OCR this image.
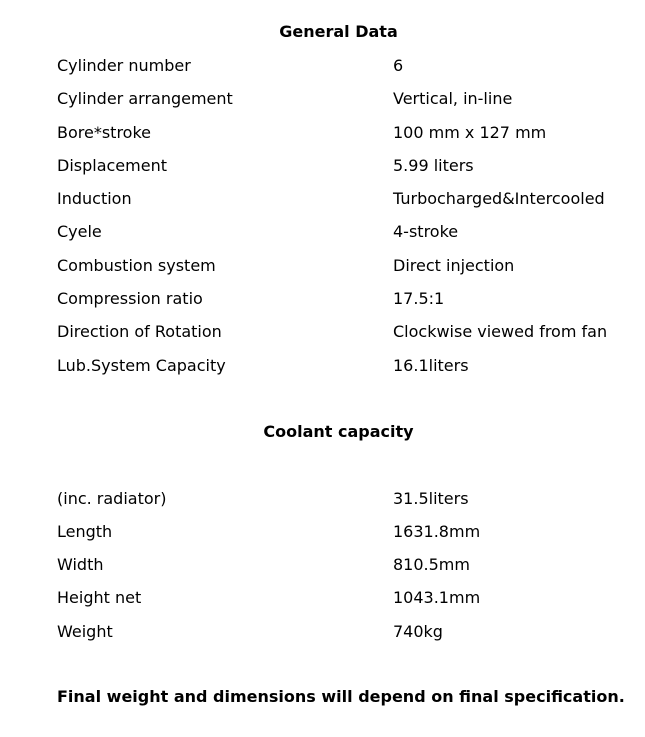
General Data
Cylinder number	6
Cylinder arrangement	Vertical, in-line
Bore*stroke	100 mm x 127 mm
Displacement	5.99 liters
Induction	Turbocharged&Intercooled
Cyele	4-stroke
Combustion system	Direct injection
Compression ratio	17.5:1
Direction of Rotation	Clockwise viewed from fan
Lub.System Capacity	16.1liters
Coolant capacity
(inc. radiator)	31.5liters
Length	1631.8mm
Width	810.5mm
Height net	1043.1mm
Weight	740kg
Final weight and dimensions will depend on final specification.
